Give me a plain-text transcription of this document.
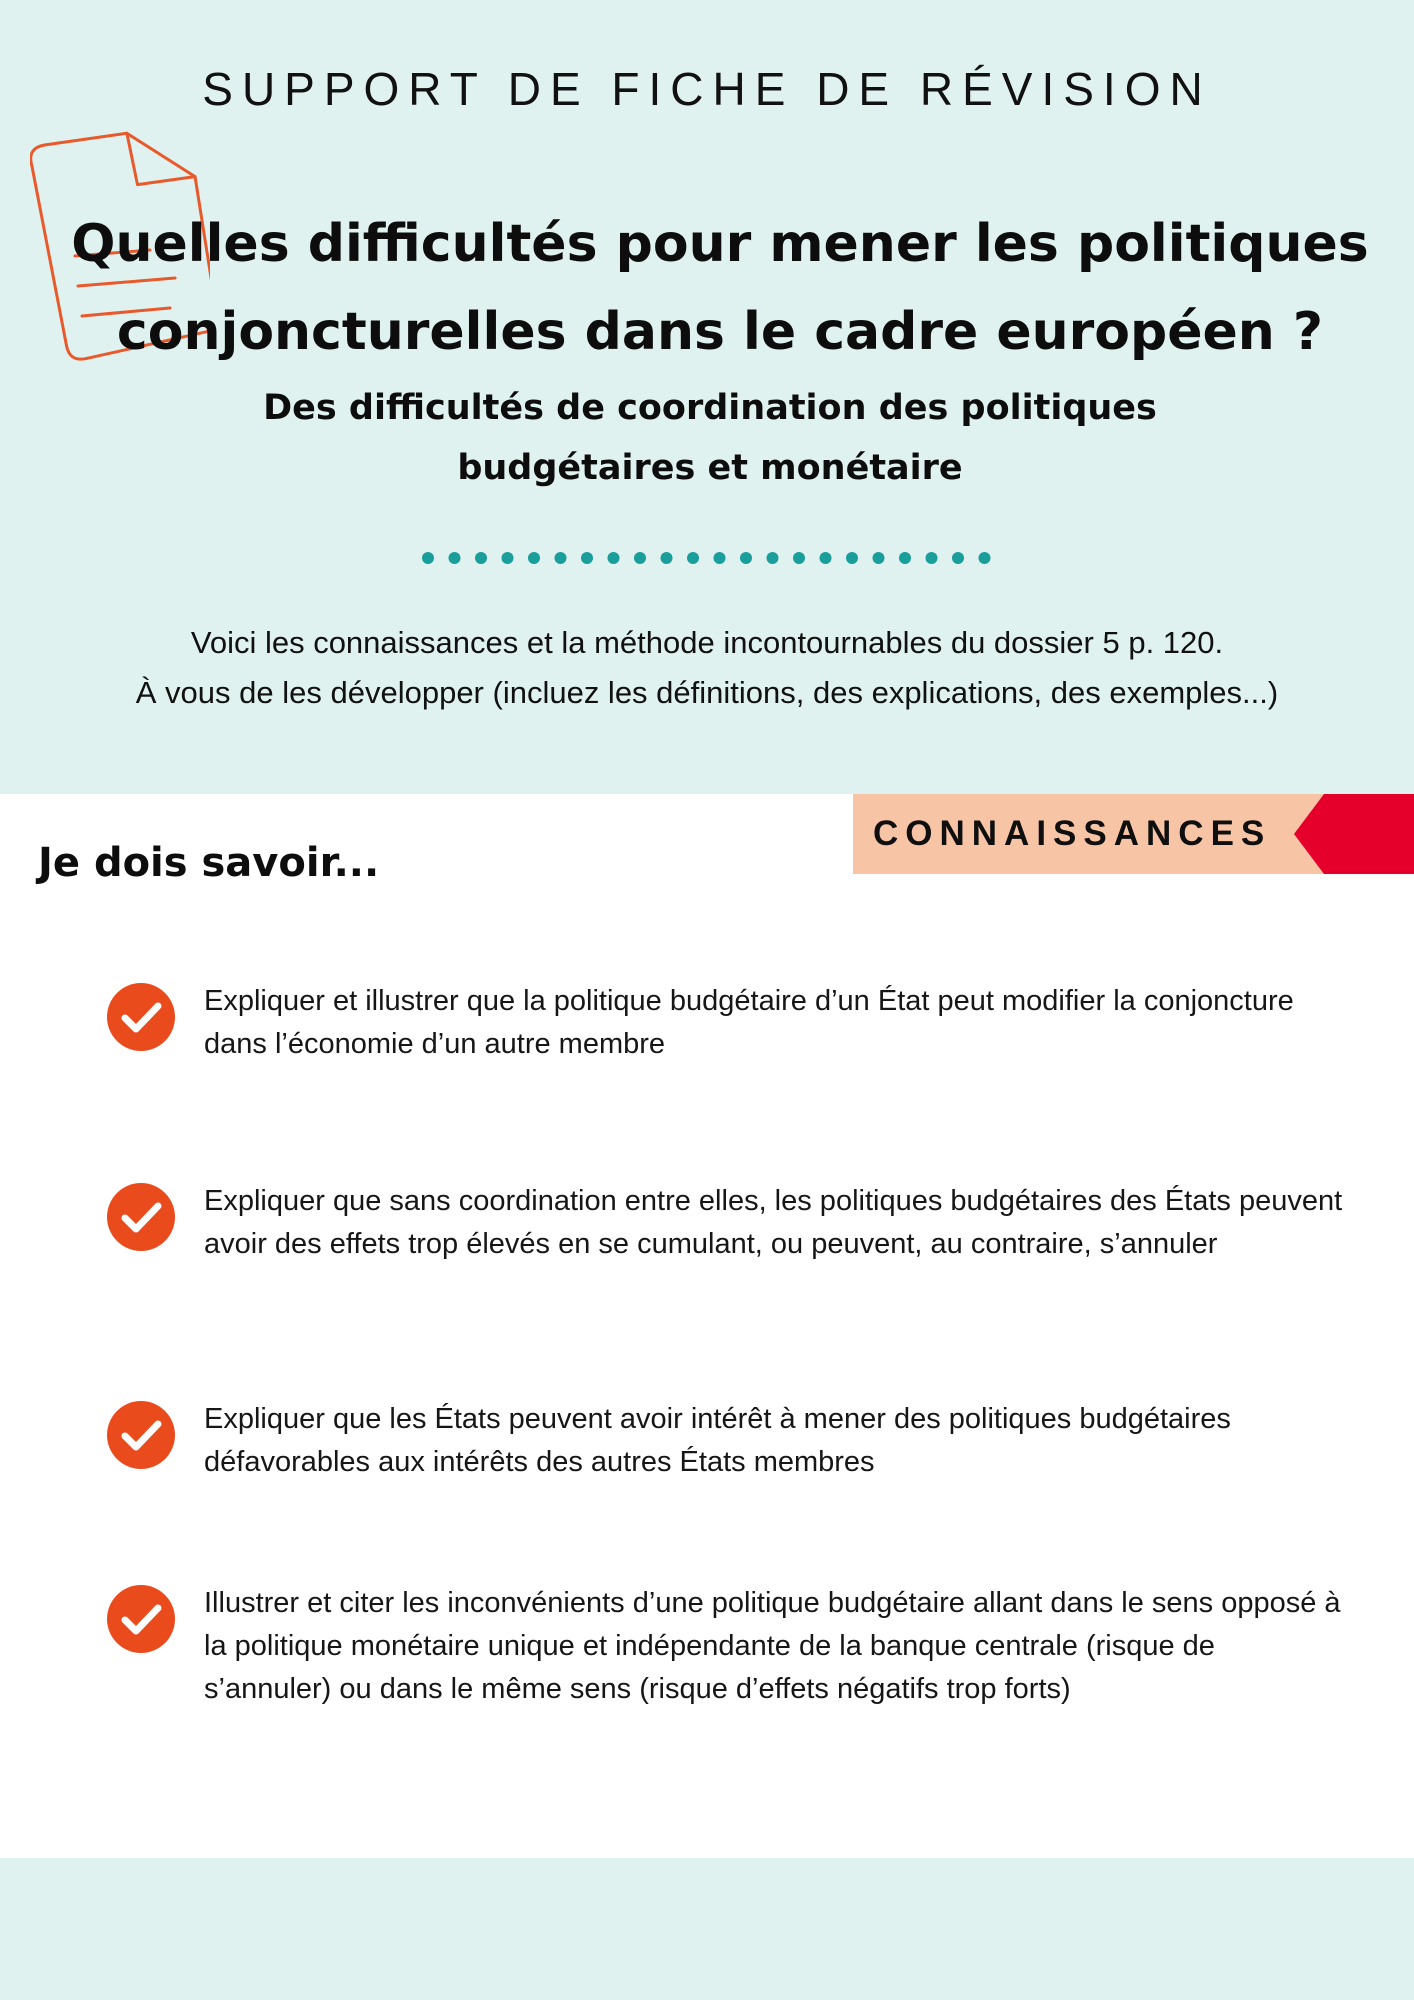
SUPPORT DE FICHE DE RÉVISION
Quelles difficultés pour mener les politiques
conjoncturelles dans le cadre européen ?
Des difficultés de coordination des politiques
budgétaires et monétaire
Voici les connaissances et la méthode incontournables du dossier 5 p. 120.
À vous de les développer (incluez les définitions, des explications, des exemples...)
CONNAISSANCES
Je dois savoir...
Expliquer et illustrer que la politique budgétaire d’un État peut modifier la conjoncture dans l’économie d’un autre membre
Expliquer que sans coordination entre elles, les politiques budgétaires des États peuvent avoir des effets trop élevés en se cumulant, ou peuvent, au contraire, s’annuler
Expliquer que les États peuvent avoir intérêt à mener des politiques budgétaires défavorables aux intérêts des autres États membres
Illustrer et citer les inconvénients d’une politique budgétaire allant dans le sens opposé à la politique monétaire unique et indépendante de la banque centrale (risque de s’annuler) ou dans le même sens (risque d’effets négatifs trop forts)
